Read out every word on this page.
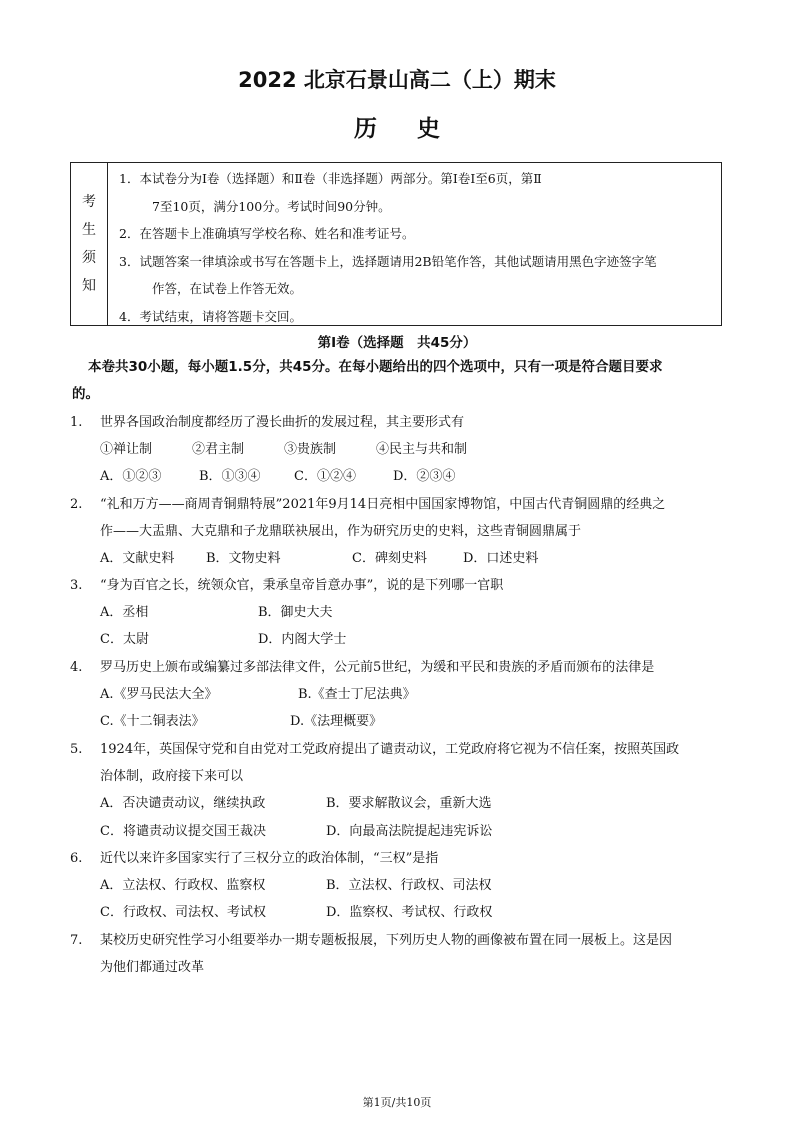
2022 北京石景山高二（上）期末
历史
考
生
须
知
1．本试卷分为Ⅰ卷（选择题）和Ⅱ卷（非选择题）两部分。第Ⅰ卷Ⅰ至6页，第Ⅱ
7至10页，满分100分。考试时间90分钟。
2．在答题卡上准确填写学校名称、姓名和准考证号。
3．试题答案一律填涂或书写在答题卡上，选择题请用2B铅笔作答，其他试题请用黑色字迹签字笔
作答，在试卷上作答无效。
4．考试结束，请将答题卡交回。
第Ⅰ卷（选择题　共45分）
本卷共30小题，每小题1.5分，共45分。在每小题给出的四个选项中，只有一项是符合题目要求
的。
1.	世界各国政治制度都经历了漫长曲折的发展过程，其主要形式有
①禅让制	②君主制	③贵族制	④民主与共和制
A．①②③	B．①③④	C．①②④	D．②③④
2.	“礼和万方——商周青铜鼎特展”2021年9月14日亮相中国国家博物馆，中国古代青铜圆鼎的经典之
作——大盂鼎、大克鼎和子龙鼎联袂展出，作为研究历史的史料，这些青铜圆鼎属于
A．文献史料	B．文物史料	C．碑刻史料	D．口述史料
3.	“身为百官之长，统领众官，秉承皇帝旨意办事”，说的是下列哪一官职
A．丞相	B．御史大夫
C．太尉	D．内阁大学士
4.	罗马历史上颁布或编纂过多部法律文件，公元前5世纪，为缓和平民和贵族的矛盾而颁布的法律是
A.《罗马民法大全》	B.《查士丁尼法典》
C.《十二铜表法》	D.《法理概要》
5.	1924年，英国保守党和自由党对工党政府提出了谴责动议，工党政府将它视为不信任案，按照英国政
治体制，政府接下来可以
A．否决谴责动议，继续执政	B．要求解散议会，重新大选
C．将谴责动议提交国王裁决	D．向最高法院提起违宪诉讼
6.	近代以来许多国家实行了三权分立的政治体制，“三权”是指
A．立法权、行政权、监察权	B．立法权、行政权、司法权
C．行政权、司法权、考试权	D．监察权、考试权、行政权
7.	某校历史研究性学习小组要举办一期专题板报展，下列历史人物的画像被布置在同一展板上。这是因
为他们都通过改革
第1页/共10页
